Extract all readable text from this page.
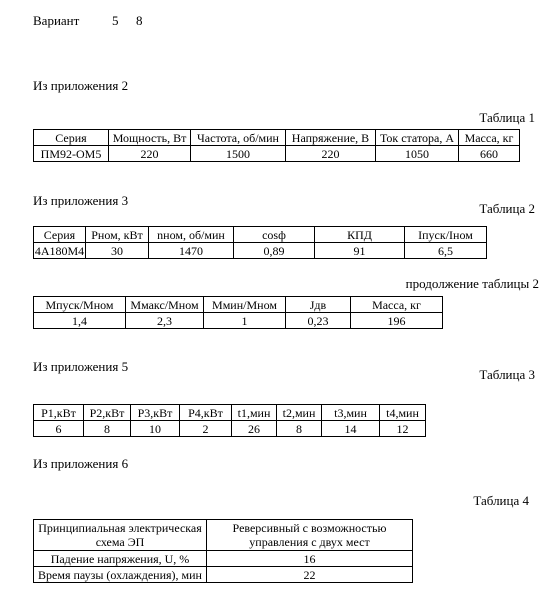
Вариант	5 8
Из приложения 2
Таблица 1
Серия	Мощность, Вт	Частота, об/мин	Напряжение, В	Ток статора, А	Масса, кг
ПМ92-ОМ5	220	1500	220	1050	660
Из приложения 3
Таблица 2
Серия	Рном, кВт	nном, об/мин	cosф	КПД	Iпуск/Iном
4А180М4	30	1470	0,89	91	6,5
продолжение таблицы 2
Мпуск/Мном	Ммакс/Мном	Ммин/Мном	Jдв	Масса, кг
1,4	2,3	1	0,23	196
Из приложения 5
Таблица 3
P1,кВт	P2,кВт	P3,кВт	P4,кВт	t1,мин	t2,мин	t3,мин	t4,мин
6	8	10	2	26	8	14	12
Из приложения 6
Таблица 4
Принципиальная электрическая схема ЭП	Реверсивный с возможностью управления с двух мест
Падение напряжения, U, %	16
Время паузы (охлаждения), мин	22
